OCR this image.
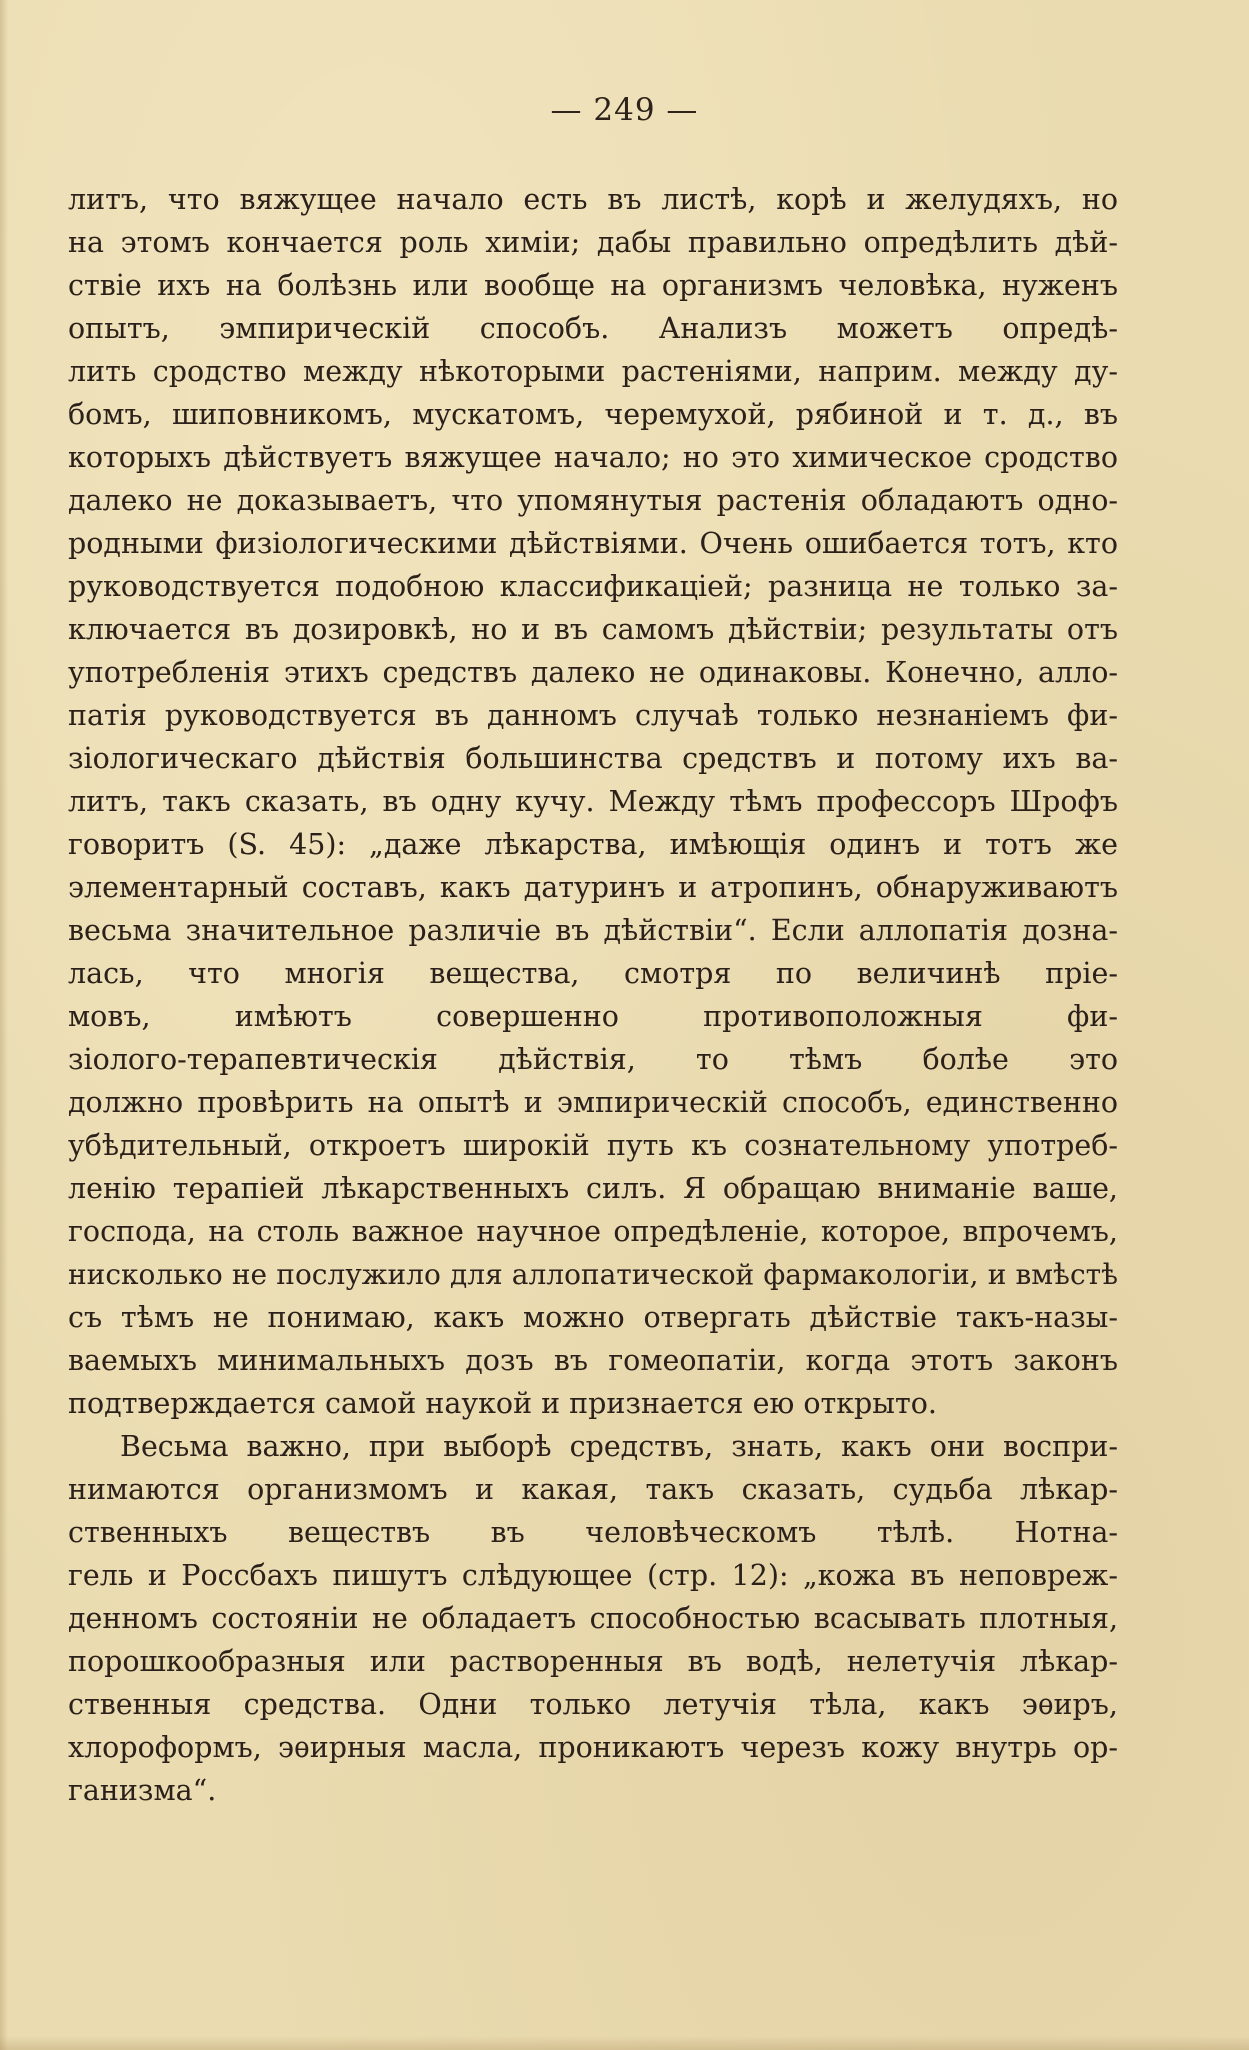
— 249 —
литъ, что вяжущее начало есть въ листѣ, корѣ и желудяхъ, но
на этомъ кончается роль химіи; дабы правильно опредѣлить дѣй-
ствіе ихъ на болѣзнь или вообще на организмъ человѣка, нуженъ
опытъ, эмпирическій способъ. Анализъ можетъ опредѣ-
лить сродство между нѣкоторыми растеніями, наприм. между ду-
бомъ, шиповникомъ, мускатомъ, черемухой, рябиной и т. д., въ
которыхъ дѣйствуетъ вяжущее начало; но это химическое сродство
далеко не доказываетъ, что упомянутыя растенія обладаютъ одно-
родными физіологическими дѣйствіями. Очень ошибается тотъ, кто
руководствуется подобною классификацiей; разница не только за-
ключается въ дозировкѣ, но и въ самомъ дѣйствіи; результаты отъ
употребленія этихъ средствъ далеко не одинаковы. Конечно, алло-
патія руководствуется въ данномъ случаѣ только незнаніемъ фи-
зіологическаго дѣйствія большинства средствъ и потому ихъ ва-
литъ, такъ сказать, въ одну кучу. Между тѣмъ профессоръ Шрофъ
говоритъ (S. 45): „даже лѣкарства, имѣющія одинъ и тотъ же
элементарный составъ, какъ датуринъ и атропинъ, обнаруживаютъ
весьма значительное различіе въ дѣйствіи“. Если аллопатія дозна-
лась, что многія вещества, смотря по величинѣ пріе-
мовъ, имѣютъ совершенно противоположныя фи-
зіолого-терапевтическія дѣйствія, то тѣмъ болѣе это
должно провѣрить на опытѣ и эмпирическій способъ, единственно
убѣдительный, откроетъ широкій путь къ сознательному употреб-
ленію терапіей лѣкарственныхъ силъ. Я обращаю вниманіе ваше,
господа, на столь важное научное опредѣленіе, которое, впрочемъ,
нисколько не послужило для аллопатической фармакологіи, и вмѣстѣ
съ тѣмъ не понимаю, какъ можно отвергать дѣйствіе такъ-назы-
ваемыхъ минимальныхъ дозъ въ гомеопатіи, когда этотъ законъ
подтверждается самой наукой и признается ею открыто.
Весьма важно, при выборѣ средствъ, знать, какъ они воспри-
нимаются организмомъ и какая, такъ сказать, судьба лѣкар-
ственныхъ веществъ въ человѣческомъ тѣлѣ. Нотна-
гель и Россбахъ пишутъ слѣдующее (стр. 12): „кожа въ неповреж-
денномъ состояніи не обладаетъ способностью всасывать плотныя,
порошкообразныя или растворенныя въ водѣ, нелетучія лѣкар-
ственныя средства. Одни только летучія тѣла, какъ эѳиръ,
хлороформъ, эѳирныя масла, проникаютъ черезъ кожу внутрь ор-
ганизма“.
